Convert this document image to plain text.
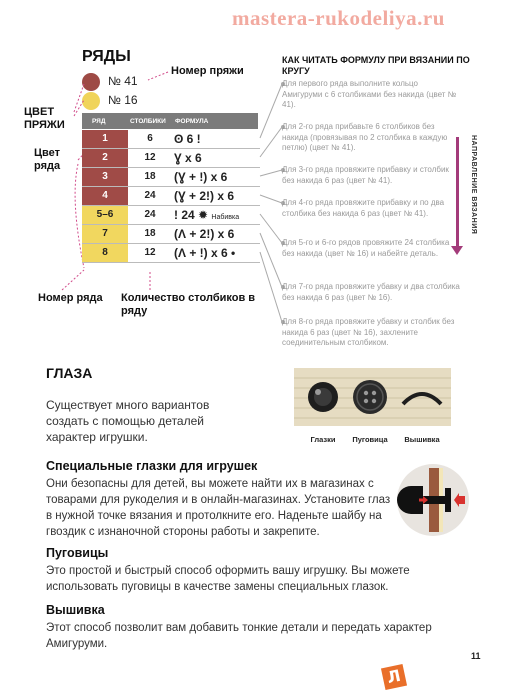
mastera-rukodeliya.ru
РЯДЫ
№ 41
№ 16
Номер пряжи
ЦВЕТ ПРЯЖИ
Цвет ряда
Номер ряда Количество столбиков в ряду
РЯД	СТОЛБИКИ ФОРМУЛА
1	6	ʘ 6 !
2	12	Ɣ x 6
3	18	(Ɣ + ǃ) x 6
4	24	(Ɣ + 2ǃ) x 6
5–6	24	ǃ 24 ✹ Набивка
7	18	(Ʌ + 2ǃ) x 6
8	12	(Ʌ + ǃ) x 6 •
КАК ЧИТАТЬ ФОРМУЛУ ПРИ ВЯЗАНИИ ПО КРУГУ
Для первого ряда выполните кольцо Амигуруми с 6 столбиками без накида (цвет № 41).
Для 2-го ряда прибавьте 6 столбиков без накида (провязывая по 2 столбика в каждую петлю) (цвет № 41).
Для 3-го ряда провяжите прибавку и столбик без накида 6 раз (цвет № 41).
Для 4-го ряда провяжите прибавку и по два столбика без накида 6 раз (цвет № 41).
Для 5-го и 6-го рядов провяжите 24 столбика без накида (цвет № 16) и набейте деталь.
Для 7-го ряда провяжите убавку и два столбика без накида 6 раз (цвет № 16).
Для 8-го ряда провяжите убавку и столбик без накида 6 раз (цвет № 16), захлените соединительным столбиком.
НАПРАВЛЕНИЕ ВЯЗАНИЯ
ГЛАЗА
Существует много вариантов создать с помощью деталей характер игрушки.	Глазки	Пуговица	Вышивка
Специальные глазки для игрушек
Они безопасны для детей, вы можете найти их в магазинах с товарами для рукоделия и в онлайн-магазинах. Установите глаз в нужной точке вязания и протолкните его. Наденьте шайбу на гвоздик с изнаночной стороны работы и закрепите.
Пуговицы
Это простой и быстрый способ оформить вашу игрушку. Вы можете использовать пуговицы в качестве замены специальных глазок.
Вышивка
Этот способ позволит вам добавить тонкие детали и передать характер Амигуруми.
11
Л
